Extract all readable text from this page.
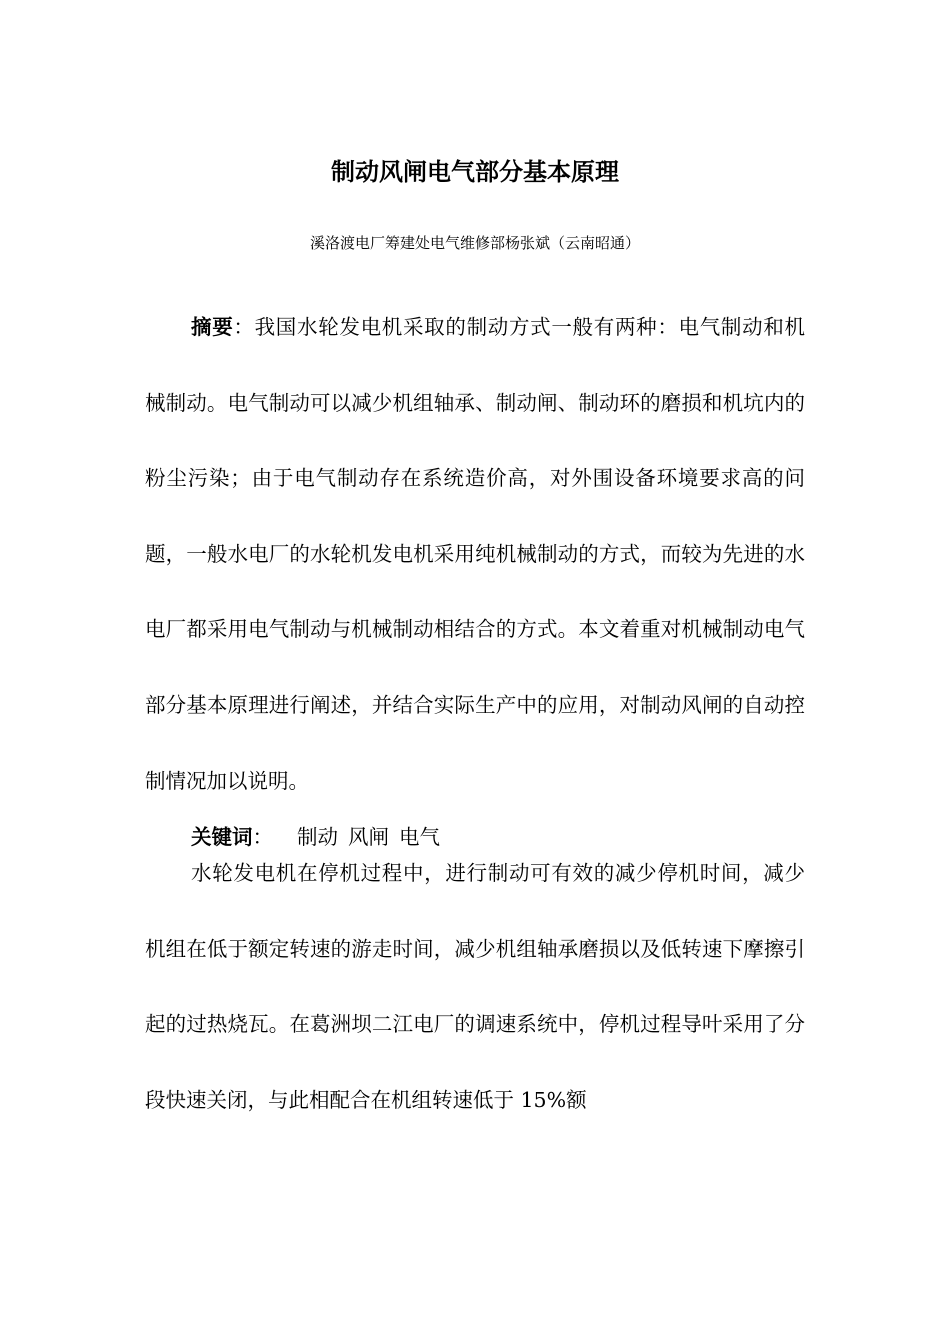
制动风闸电气部分基本原理
溪洛渡电厂筹建处电气维修部杨张斌（云南昭通）
摘要：我国水轮发电机采取的制动方式一般有两种：电气制动和机械制动。电气制动可以减少机组轴承、制动闸、制动环的磨损和机坑内的粉尘污染；由于电气制动存在系统造价高，对外围设备环境要求高的问题，一般水电厂的水轮机发电机采用纯机械制动的方式，而较为先进的水电厂都采用电气制动与机械制动相结合的方式。本文着重对机械制动电气部分基本原理进行阐述，并结合实际生产中的应用，对制动风闸的自动控制情况加以说明。
关键词： 制动 风闸 电气
水轮发电机在停机过程中，进行制动可有效的减少停机时间，减少机组在低于额定转速的游走时间，减少机组轴承磨损以及低转速下摩擦引起的过热烧瓦。在葛洲坝二江电厂的调速系统中，停机过程导叶采用了分段快速关闭，与此相配合在机组转速低于 15%额
